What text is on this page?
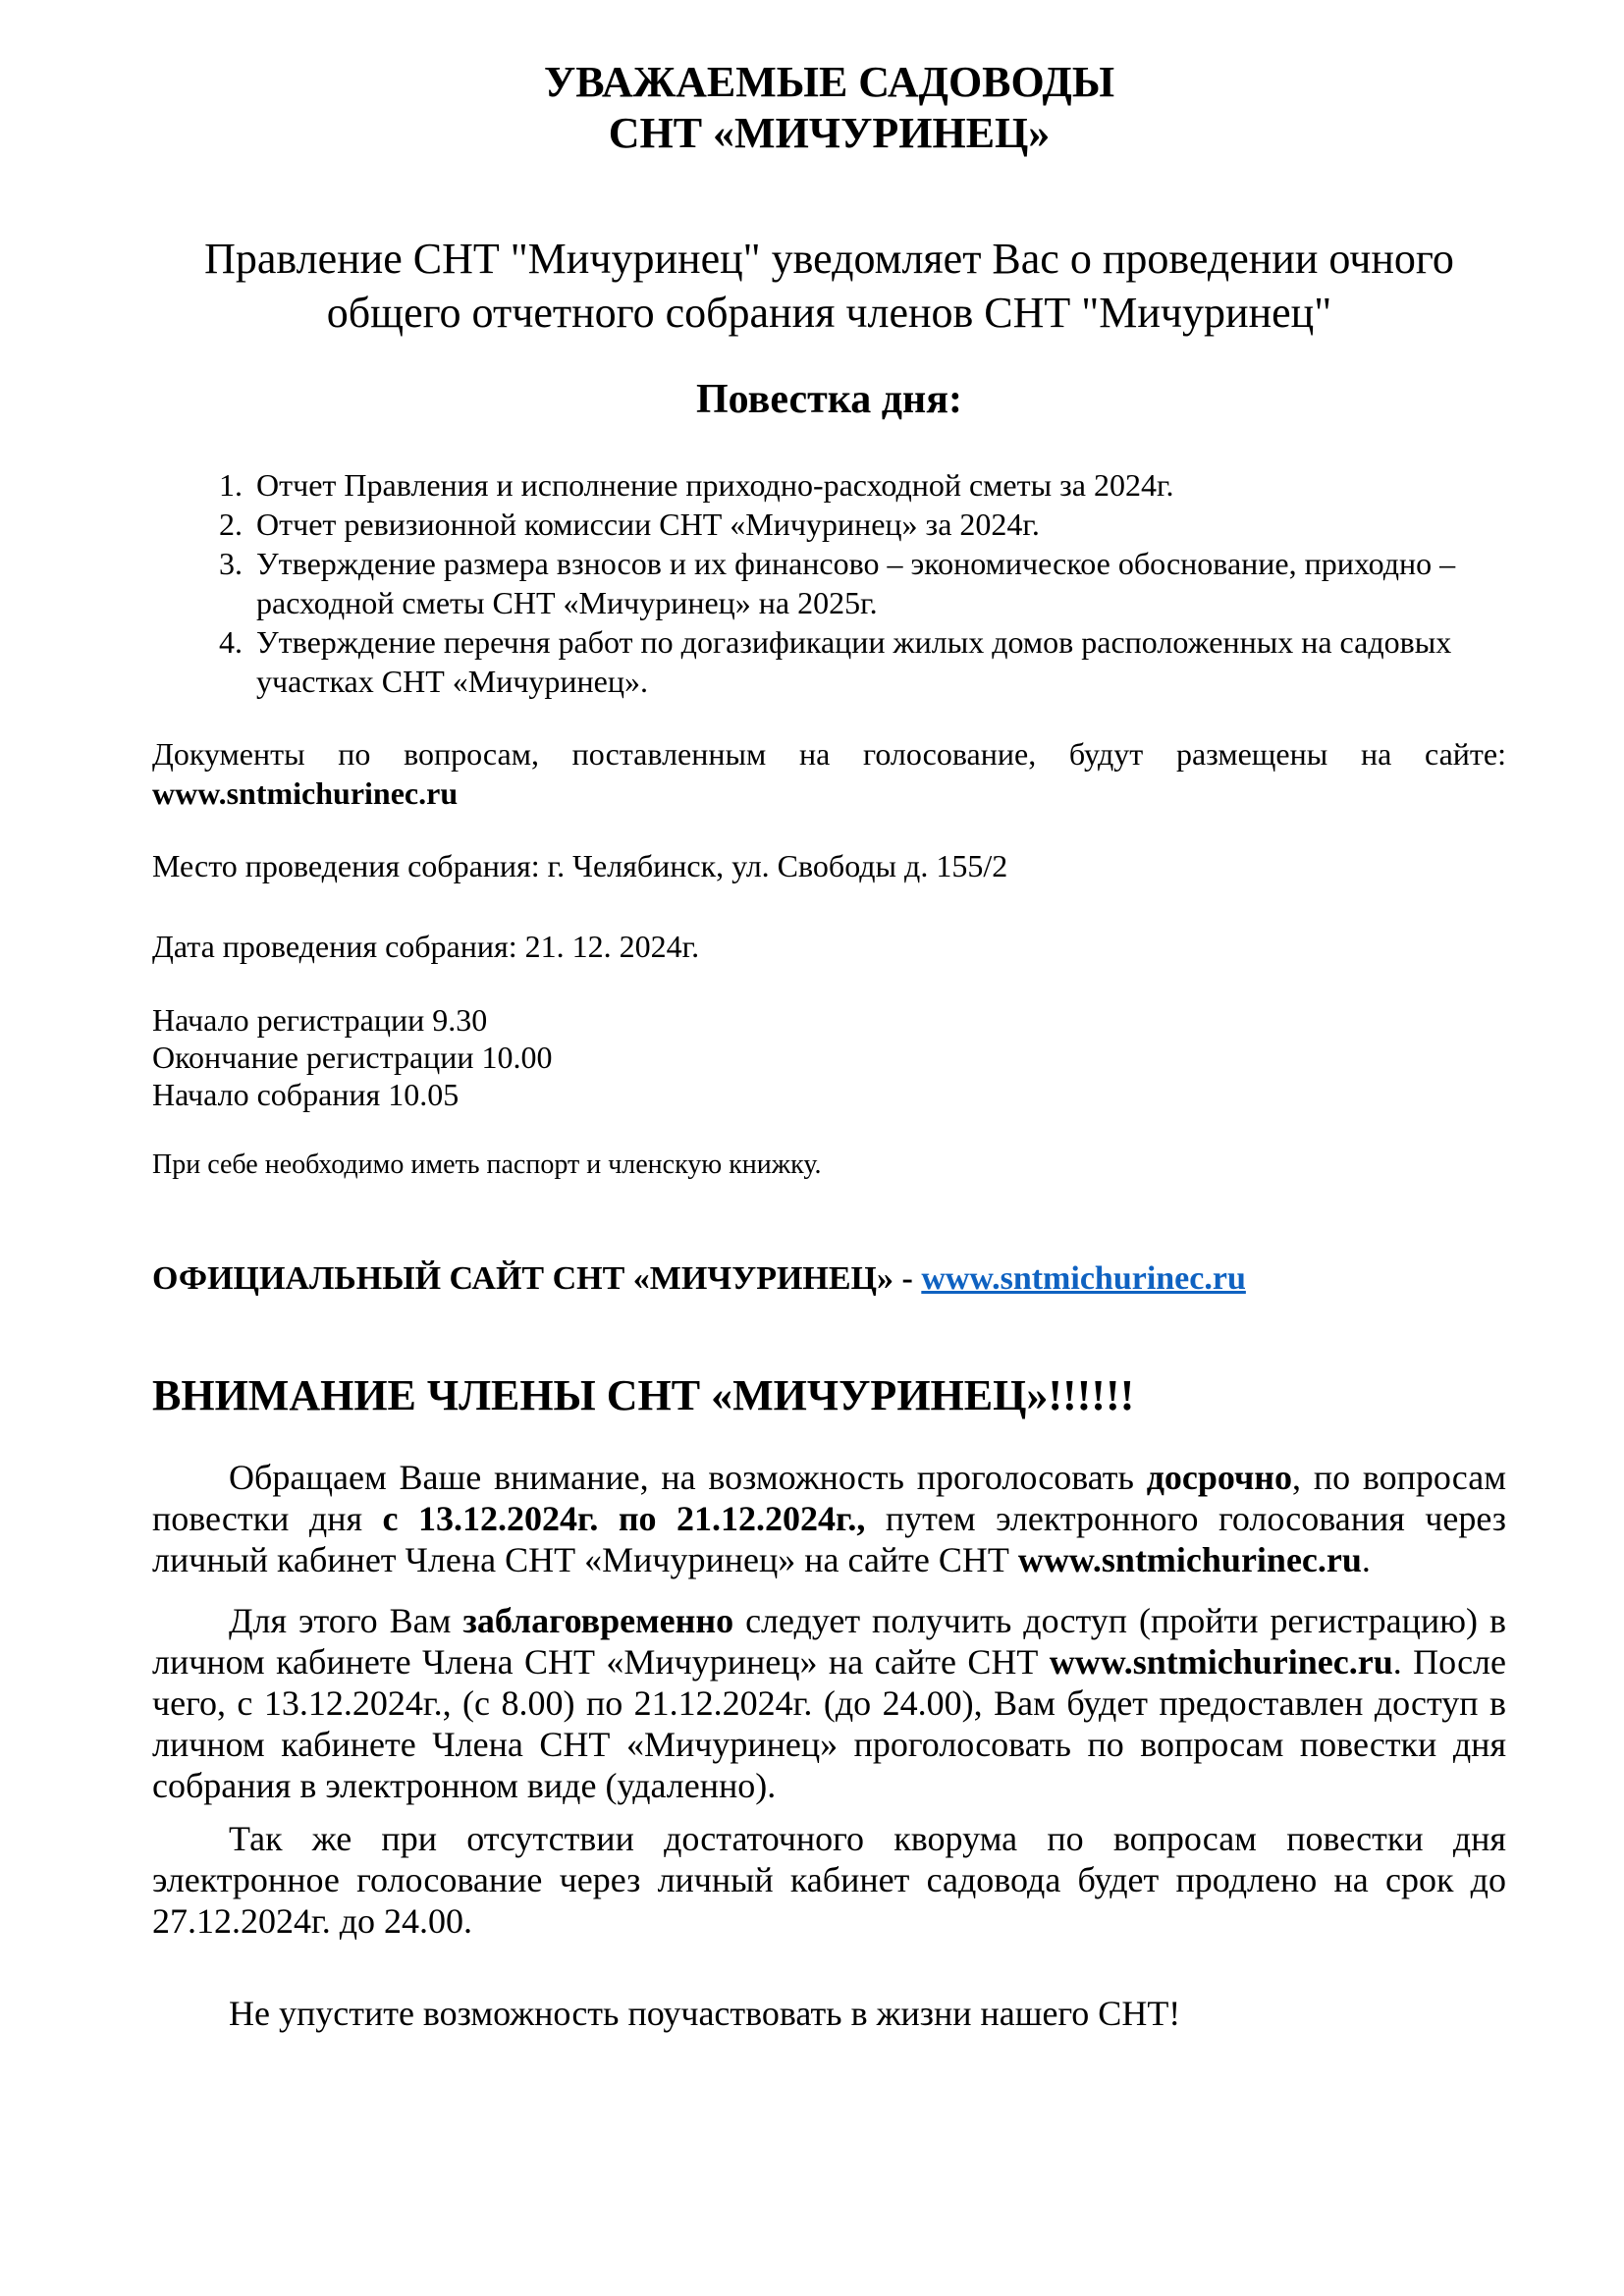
УВАЖАЕМЫЕ САДОВОДЫ
СНТ «МИЧУРИНЕЦ»

Правление СНТ "Мичуринец" уведомляет Вас о проведении очного общего отчетного собрания членов СНТ "Мичуринец"

Повестка дня:
1. Отчет Правления и исполнение приходно-расходной сметы за 2024г.
2. Отчет ревизионной комиссии СНТ «Мичуринец» за 2024г.
3. Утверждение размера взносов и их финансово – экономическое обоснование, приходно – расходной сметы СНТ «Мичуринец» на 2025г.
4. Утверждение перечня работ по догазификации жилых домов расположенных на садовых участках СНТ «Мичуринец».

Документы по вопросам, поставленным на голосование, будут размещены на сайте: www.sntmichurinec.ru

Место проведения собрания: г. Челябинск, ул. Свободы д. 155/2

Дата проведения собрания: 21. 12. 2024г.

Начало регистрации 9.30

Окончание регистрации 10.00

Начало собрания 10.05

При себе необходимо иметь паспорт и членскую книжку.

ОФИЦИАЛЬНЫЙ САЙТ СНТ «МИЧУРИНЕЦ» - www.sntmichurinec.ru

ВНИМАНИЕ ЧЛЕНЫ СНТ «МИЧУРИНЕЦ»!!!!!!

Обращаем Ваше внимание, на возможность проголосовать досрочно, по вопросам повестки дня с 13.12.2024г. по 21.12.2024г., путем электронного голосования через личный кабинет Члена СНТ «Мичуринец» на сайте СНТ www.sntmichurinec.ru.

Для этого Вам заблаговременно следует получить доступ (пройти регистрацию) в личном кабинете Члена СНТ «Мичуринец» на сайте СНТ www.sntmichurinec.ru. После чего, с 13.12.2024г., (с 8.00) по 21.12.2024г. (до 24.00), Вам будет предоставлен доступ в личном кабинете Члена СНТ «Мичуринец» проголосовать по вопросам повестки дня собрания в электронном виде (удаленно).

Так же при отсутствии достаточного кворума по вопросам повестки дня электронное голосование через личный кабинет садовода будет продлено на срок до 27.12.2024г. до 24.00.

Не упустите возможность поучаствовать в жизни нашего СНТ!
